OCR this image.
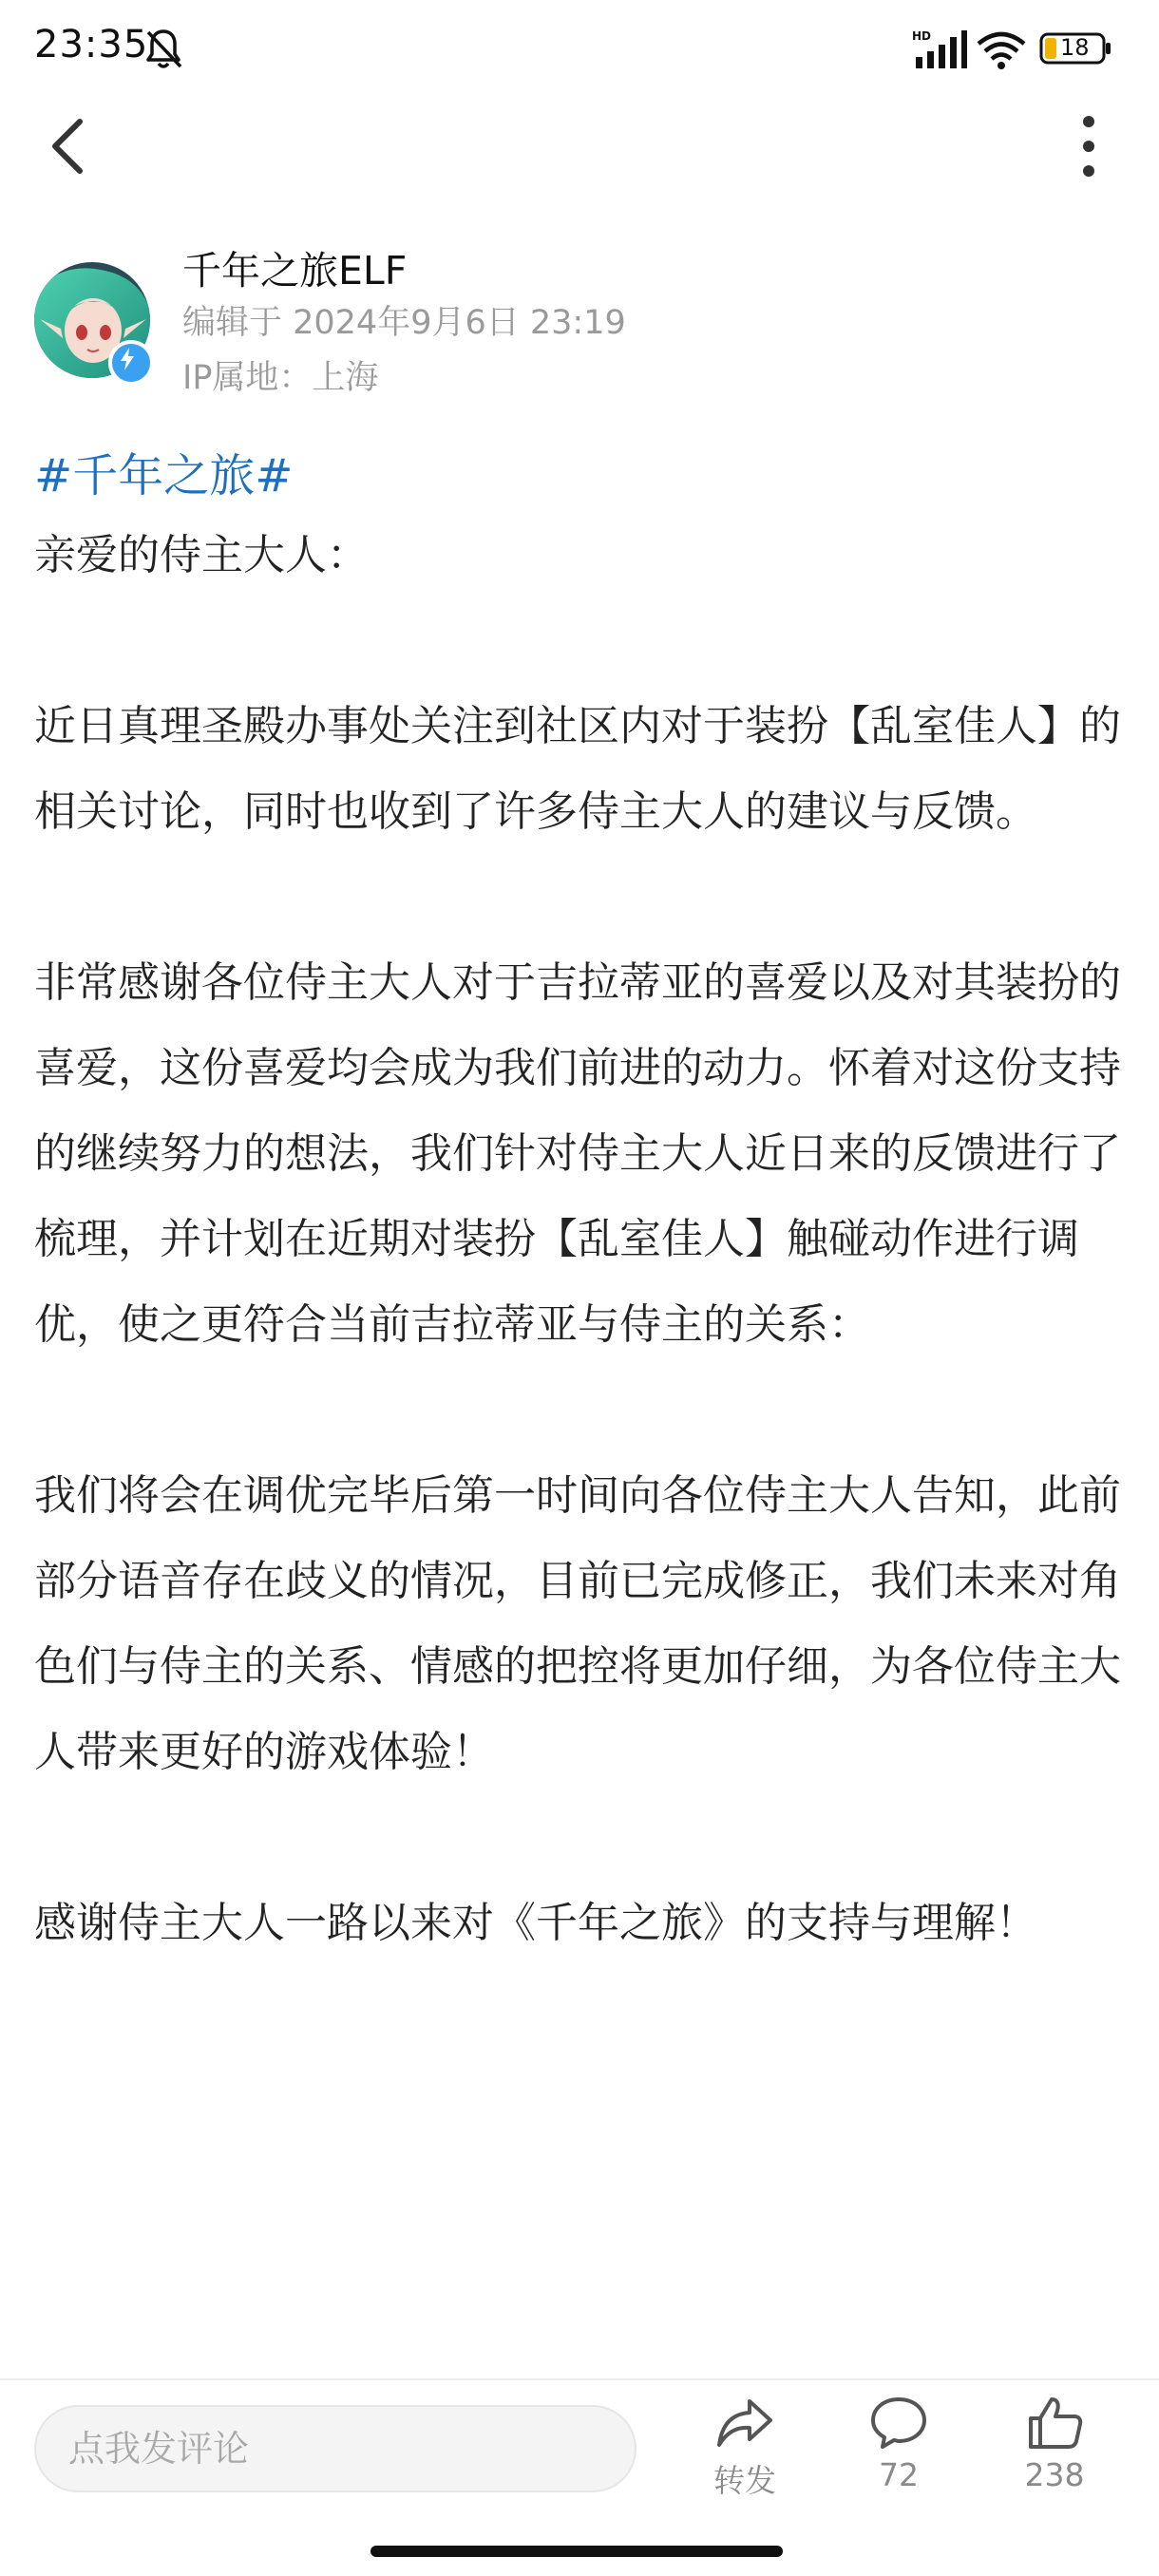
23:35	HD	18
千年之旅ELF
编辑于 2024年9月6日 23:19
IP属地：上海
#千年之旅#

亲爱的侍主大人：

近日真理圣殿办事处关注到社区内对于装扮【乱室佳人】的相关讨论，同时也收到了许多侍主大人的建议与反馈。

非常感谢各位侍主大人对于吉拉蒂亚的喜爱以及对其装扮的喜爱，这份喜爱均会成为我们前进的动力。怀着对这份支持的继续努力的想法，我们针对侍主大人近日来的反馈进行了梳理，并计划在近期对装扮【乱室佳人】触碰动作进行调优，使之更符合当前吉拉蒂亚与侍主的关系：

我们将会在调优完毕后第一时间向各位侍主大人告知，此前部分语音存在歧义的情况，目前已完成修正，我们未来对角色们与侍主的关系、情感的把控将更加仔细，为各位侍主大人带来更好的游戏体验！

感谢侍主大人一路以来对《千年之旅》的支持与理解！

点我发评论
转发	72	238
